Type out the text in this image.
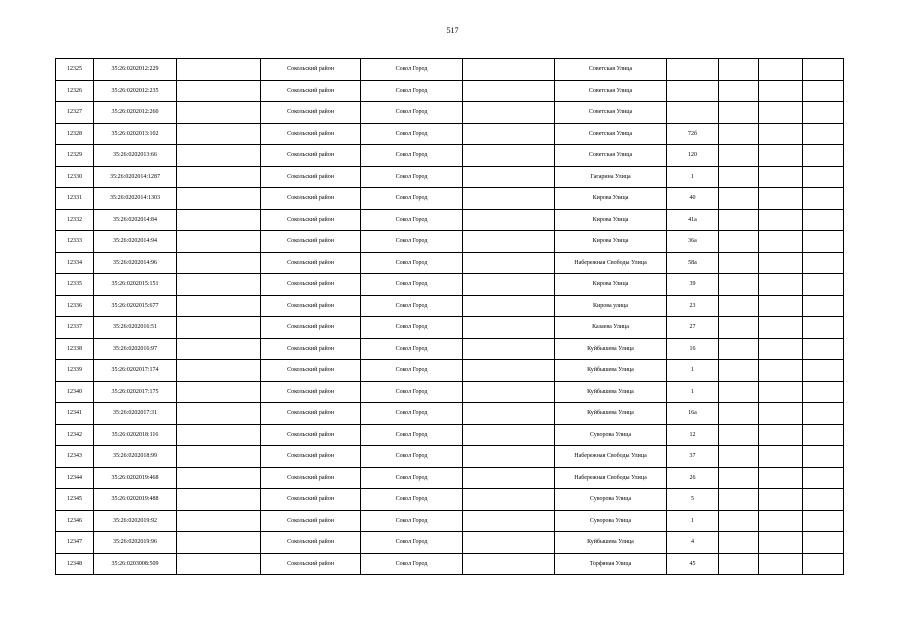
517
12325	35:26:0202012:229		Сокольский район	Сокол Город		Советская Улица				
12326	35:26:0202012:235		Сокольский район	Сокол Город		Советская Улица				
12327	35:26:0202012:260		Сокольский район	Сокол Город		Советская Улица				
12328	35:26:0202013:102		Сокольский район	Сокол Город		Советская Улица	72б			
12329	35:26:0202013:66		Сокольский район	Сокол Город		Советская Улица	120			
12330	35:26:0202014:1287		Сокольский район	Сокол Город		Гагарина Улица	1			
12331	35:26:0202014:1303		Сокольский район	Сокол Город		Кирова Улица	40			
12332	35:26:0202014:84		Сокольский район	Сокол Город		Кирова Улица	41а			
12333	35:26:0202014:94		Сокольский район	Сокол Город		Кирова Улица	36а			
12334	35:26:0202014:96		Сокольский район	Сокол Город		Набережная Свободы Улица	58а			
12335	35:26:0202015:151		Сокольский район	Сокол Город		Кирова Улица	39			
12336	35:26:0202015:677		Сокольский район	Сокол Город		Кирова улица	23			
12337	35:26:0202016:51		Сокольский район	Сокол Город		Казаева Улица	27			
12338	35:26:0202016:97		Сокольский район	Сокол Город		Куйбышева Улица	16			
12339	35:26:0202017:174		Сокольский район	Сокол Город		Куйбышева Улица	1			
12340	35:26:0202017:175		Сокольский район	Сокол Город		Куйбышева Улица	1			
12341	35:26:0202017:31		Сокольский район	Сокол Город		Куйбышева Улица	16а			
12342	35:26:0202018:116		Сокольский район	Сокол Город		Суворова Улица	12			
12343	35:26:0202018:99		Сокольский район	Сокол Город		Набережная Свободы Улица	37			
12344	35:26:0202019:468		Сокольский район	Сокол Город		Набережная Свободы Улица	26			
12345	35:26:0202019:488		Сокольский район	Сокол Город		Суворова Улица	5			
12346	35:26:0202019:92		Сокольский район	Сокол Город		Суворова Улица	1			
12347	35:26:0202019:96		Сокольский район	Сокол Город		Куйбышева Улица	4			
12348	35:26:0203008:509		Сокольский район	Сокол Город		Торфяная Улица	45			
